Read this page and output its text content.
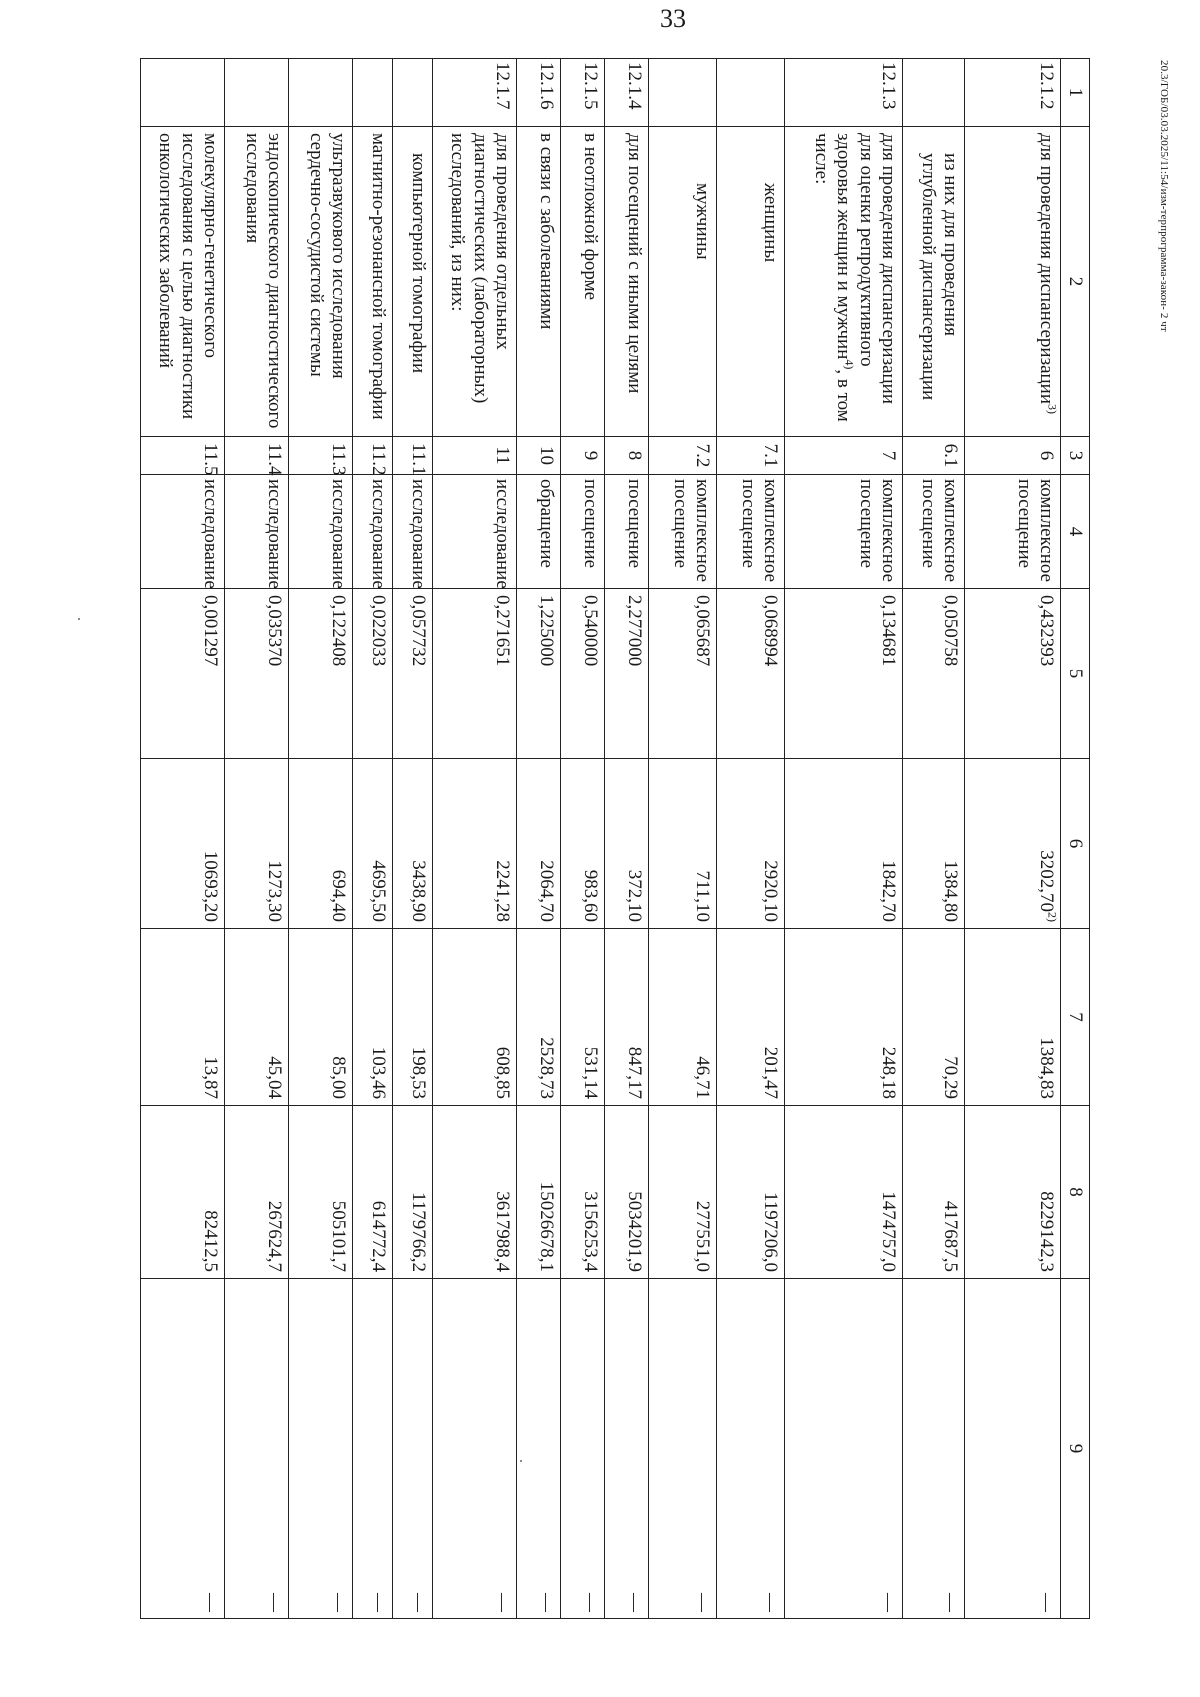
33
20.3/ГОБ/03.03.2025/11:54/изм-терпрограмма-закон- 2 чт
1	2	3	4	5	6	7	8	9
12.1.2	для проведения диспансеризации$^{3)}$	6	комплексное посещение	0,432393	3202,70$^{2)}$	1384,83	8229142,3	—
	из них для проведения углубленной диспансеризации	6.1	комплексное посещение	0,050758	1384,80	70,29	417687,5	—
12.1.3	для проведения диспансеризации для оценки репродуктивного здоровья женщин и мужчин$^{4)}$, в том числе:	7	комплексное посещение	0,134681	1842,70	248,18	1474757,0	—
	женщины	7.1	комплексное посещение	0,068994	2920,10	201,47	1197206,0	—
	мужчины	7.2	комплексное посещение	0,065687	711,10	46,71	277551,0	—
12.1.4	для посещений с иными целями	8	посещение	2,277000	372,10	847,17	5034201,9	—
12.1.5	в неотложной форме	9	посещение	0,540000	983,60	531,14	3156253,4	—
12.1.6	в связи с заболеваниями	10	обращение	1,225000	2064,70	2528,73	15026678,1	—
12.1.7	для проведения отдельных диагностических (лабораторных) исследований, из них:	11	исследование	0,271651	2241,28	608,85	3617988,4	—
	компьютерной томографии	11.1	исследование	0,057732	3438,90	198,53	1179766,2	—
	магнитно-резонансной томографии	11.2	исследование	0,022033	4695,50	103,46	614772,4	—
	ультразвукового исследования сердечно-сосудистой системы	11.3	исследование	0,122408	694,40	85,00	505101,7	—
	эндоскопического диагностического исследования	11.4	исследование	0,035370	1273,30	45,04	267624,7	—
	молекулярно-генетического исследования с целью диагностики онкологических заболеваний	11.5	исследование	0,001297	10693,20	13,87	82412,5	—
